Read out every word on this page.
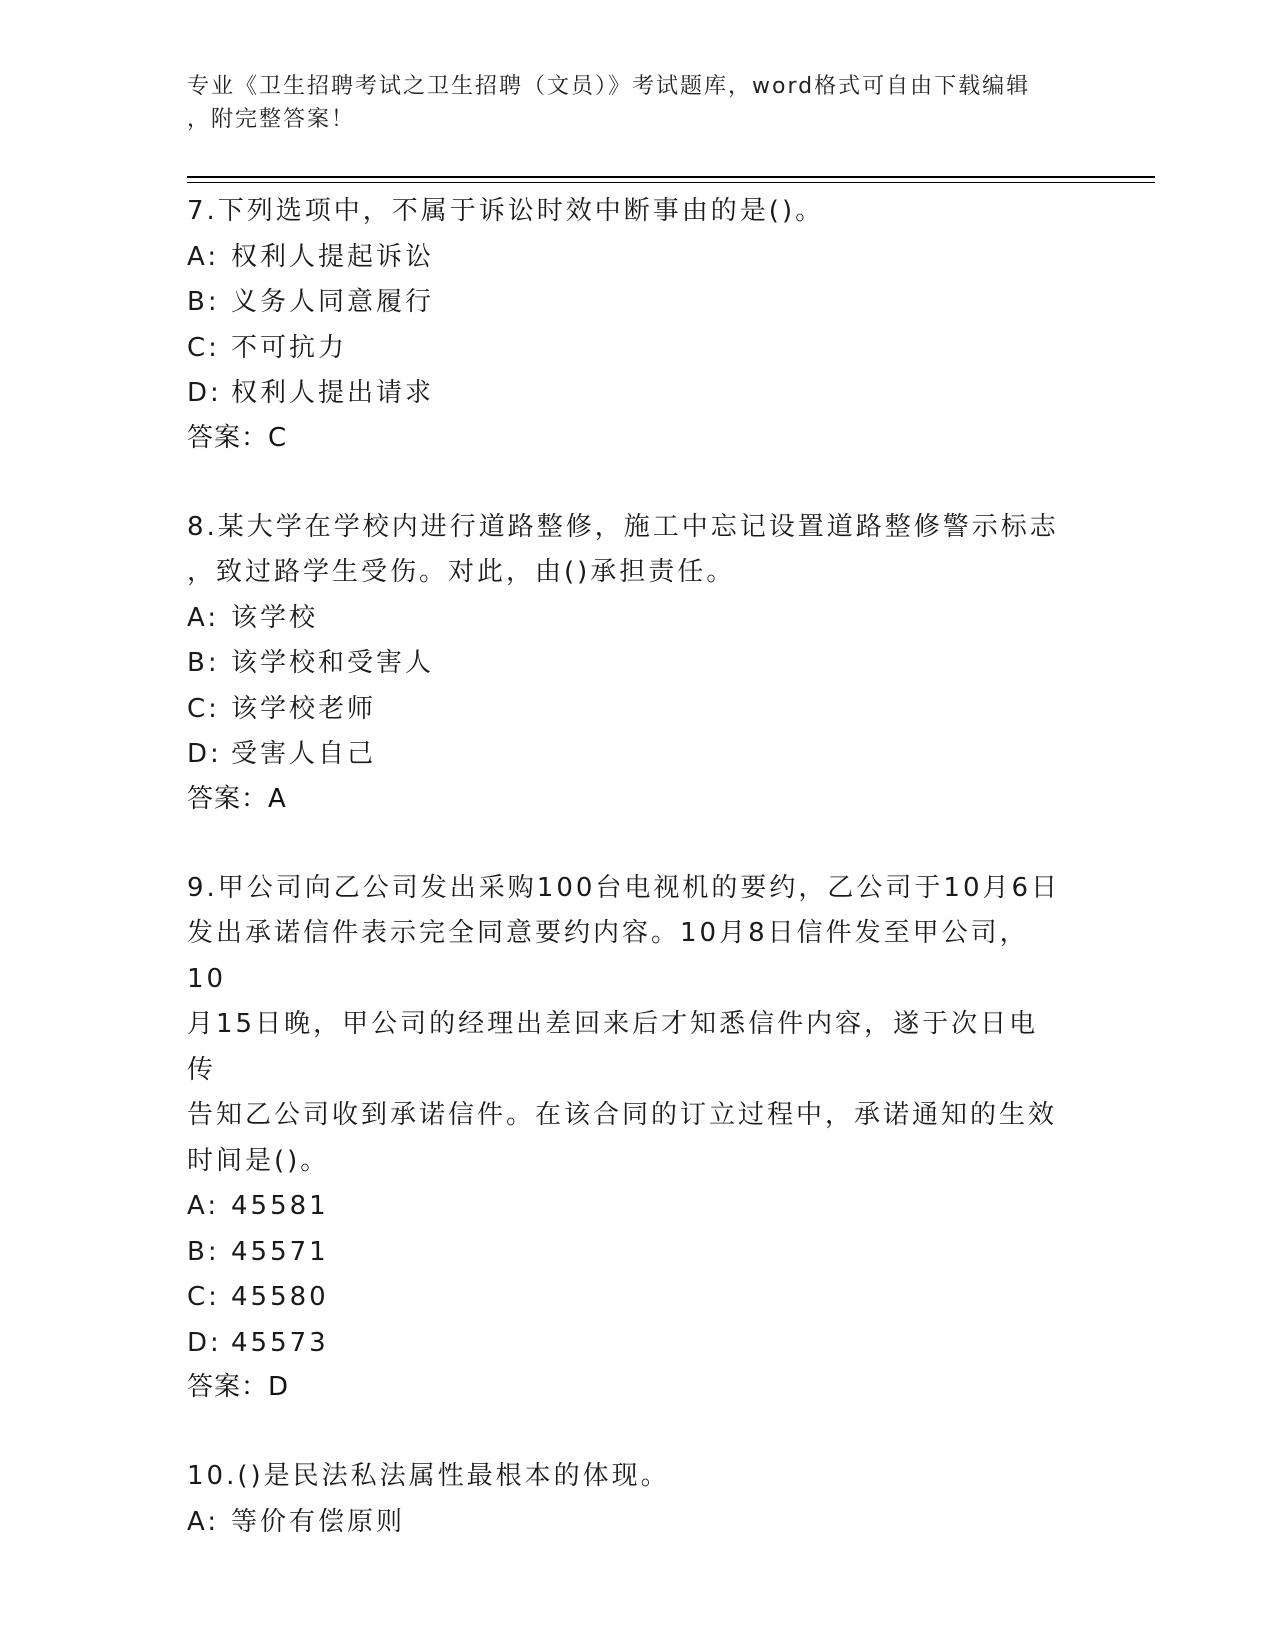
专业《卫生招聘考试之卫生招聘（文员）》考试题库，word格式可自由下载编辑
，附完整答案！
7.下列选项中，不属于诉讼时效中断事由的是()。
A: 权利人提起诉讼
B: 义务人同意履行
C: 不可抗力
D: 权利人提出请求
答案：C
8.某大学在学校内进行道路整修，施工中忘记设置道路整修警示标志
，致过路学生受伤。对此，由()承担责任。
A: 该学校
B: 该学校和受害人
C: 该学校老师
D: 受害人自己
答案：A
9.甲公司向乙公司发出采购100台电视机的要约，乙公司于10月6日
发出承诺信件表示完全同意要约内容。10月8日信件发至甲公司，10
月15日晚，甲公司的经理出差回来后才知悉信件内容，遂于次日电传
告知乙公司收到承诺信件。在该合同的订立过程中，承诺通知的生效
时间是()。
A: 45581
B: 45571
C: 45580
D: 45573
答案：D
10.()是民法私法属性最根本的体现。
A: 等价有偿原则
